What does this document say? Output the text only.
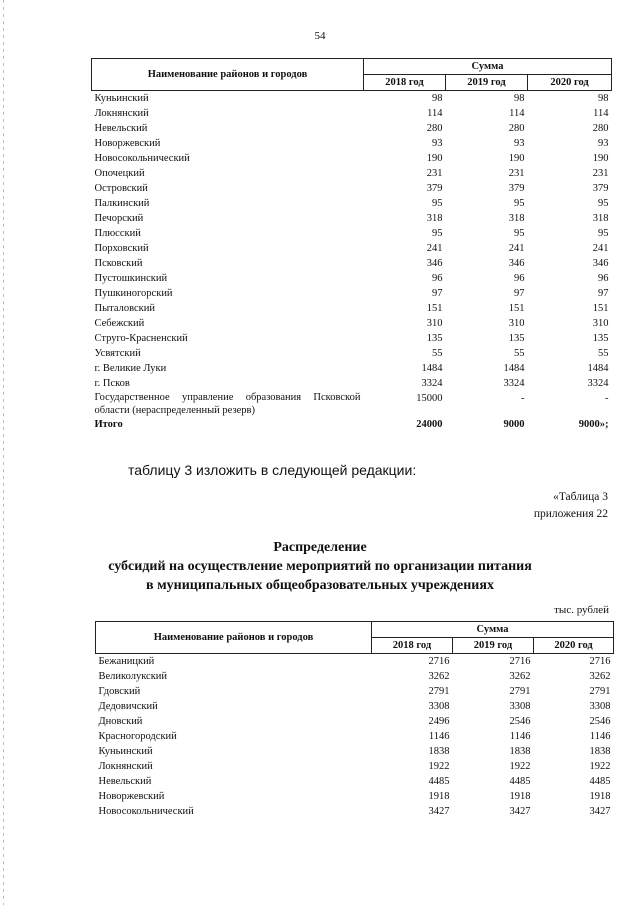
54
Наименование районов и городов	Сумма		
	2018 год	2019 год	2020 год
Куньинский	98	98	98
Локнянский	114	114	114
Невельский	280	280	280
Новоржевский	93	93	93
Новосокольнический	190	190	190
Опочецкий	231	231	231
Островский	379	379	379
Палкинский	95	95	95
Печорский	318	318	318
Плюсский	95	95	95
Порховский	241	241	241
Псковский	346	346	346
Пустошкинский	96	96	96
Пушкиногорский	97	97	97
Пыталовский	151	151	151
Себежский	310	310	310
Струго-Красненский	135	135	135
Усвятский	55	55	55
г. Великие Луки	1484	1484	1484
г. Псков	3324	3324	3324
Государственное управление образования Псковской области (нераспределенный резерв)	15000	-	-
Итого	24000	9000	9000»;
таблицу 3 изложить в следующей редакции:
«Таблица 3
приложения 22
Распределение
субсидий на осуществление мероприятий по организации питания
в муниципальных общеобразовательных учреждениях
тыс. рублей
Наименование районов и городов	Сумма		
	2018 год	2019 год	2020 год
Бежаницкий	2716	2716	2716
Великолукский	3262	3262	3262
Гдовский	2791	2791	2791
Дедовичский	3308	3308	3308
Дновский	2496	2546	2546
Красногородский	1146	1146	1146
Куньинский	1838	1838	1838
Локнянский	1922	1922	1922
Невельский	4485	4485	4485
Новоржевский	1918	1918	1918
Новосокольнический	3427	3427	3427
